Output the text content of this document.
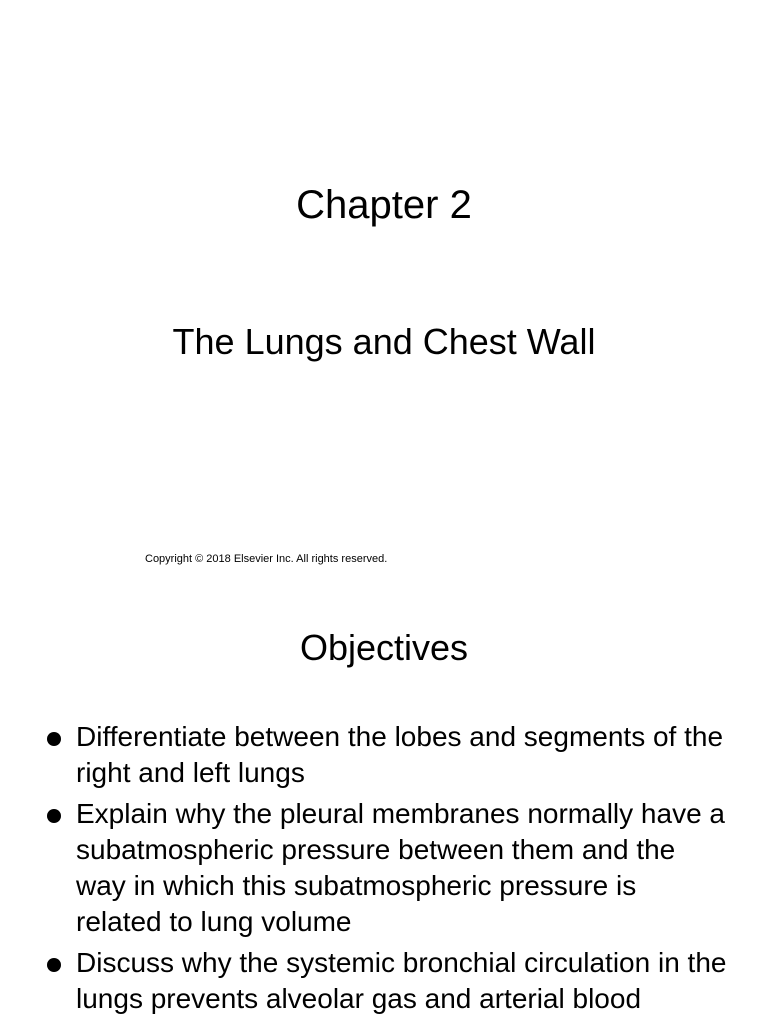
Chapter 2
The Lungs and Chest Wall
Copyright © 2018 Elsevier Inc. All rights reserved.
Objectives
Differentiate between the lobes and segments of the right and left lungs
Explain why the pleural membranes normally have a subatmospheric pressure between them and the way in which this subatmospheric pressure is related to lung volume
Discuss why the systemic bronchial circulation in the lungs prevents alveolar gas and arterial blood
